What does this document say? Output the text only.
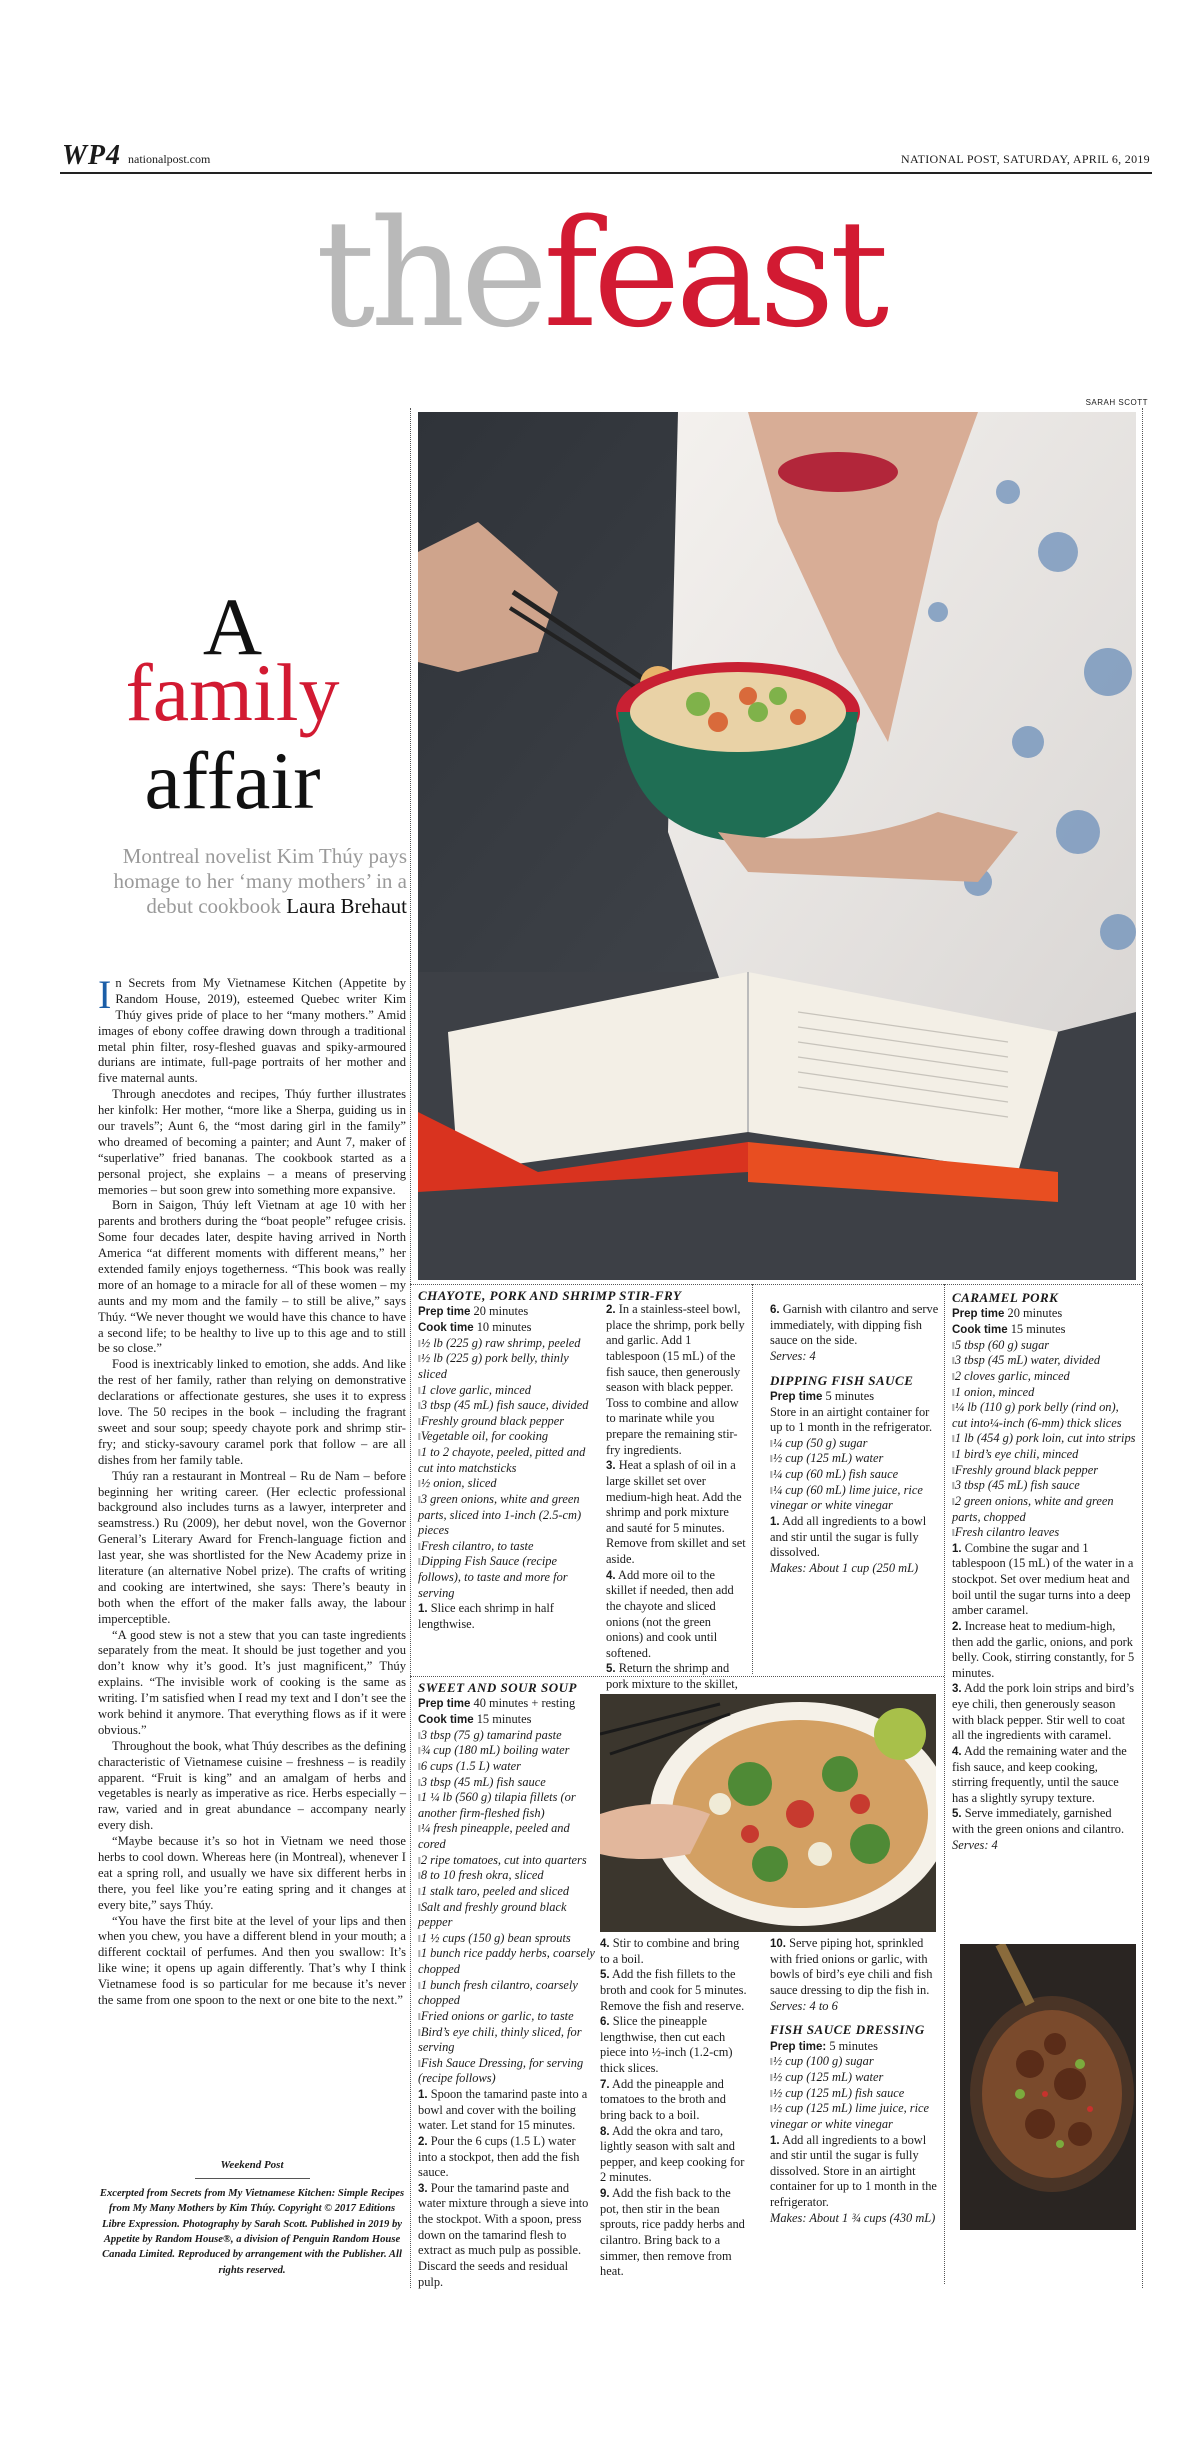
WP4 nationalpost.com	NATIONAL POST, SATURDAY, APRIL 6, 2019
thefeast
SARAH SCOTT
A
family
affair
Montreal novelist Kim Thúy pays homage to her ‘many mothers’ in a debut cookbook Laura Brehaut

In Secrets from My Vietnamese Kitchen (Appetite by Random House, 2019), esteemed Quebec writer Kim Thúy gives pride of place to her “many mothers.” Amid images of ebony coffee drawing down through a traditional metal phin filter, rosy-fleshed guavas and spiky-armoured durians are intimate, full-page portraits of her mother and five maternal aunts.

Through anecdotes and recipes, Thúy further illustrates her kinfolk: Her mother, “more like a Sherpa, guiding us in our travels”; Aunt 6, the “most daring girl in the family” who dreamed of becoming a painter; and Aunt 7, maker of “superlative” fried bananas. The cookbook started as a personal project, she explains – a means of preserving memories – but soon grew into something more expansive.

Born in Saigon, Thúy left Vietnam at age 10 with her parents and brothers during the “boat people” refugee crisis. Some four decades later, despite having arrived in North America “at different moments with different means,” her extended family enjoys togetherness. “This book was really more of an homage to a miracle for all of these women – my aunts and my mom and the family – to still be alive,” says Thúy. “We never thought we would have this chance to have a second life; to be healthy to live up to this age and to still be so close.”

Food is inextricably linked to emotion, she adds. And like the rest of her family, rather than relying on demonstrative declarations or affectionate gestures, she uses it to express love. The 50 recipes in the book – including the fragrant sweet and sour soup; speedy chayote pork and shrimp stir-fry; and sticky-savoury caramel pork that follow – are all dishes from her family table.

Thúy ran a restaurant in Montreal – Ru de Nam – before beginning her writing career. (Her eclectic professional background also includes turns as a lawyer, interpreter and seamstress.) Ru (2009), her debut novel, won the Governor General’s Literary Award for French-language fiction and last year, she was shortlisted for the New Academy prize in literature (an alternative Nobel prize). The crafts of writing and cooking are intertwined, she says: There’s beauty in both when the effort of the maker falls away, the labour imperceptible.

“A good stew is not a stew that you can taste ingredients separately from the meat. It should be just together and you don’t know why it’s good. It’s just magnificent,” Thúy explains. “The invisible work of cooking is the same as writing. I’m satisfied when I read my text and I don’t see the work behind it anymore. That everything flows as if it were obvious.”

Throughout the book, what Thúy describes as the defining characteristic of Vietnamese cuisine – freshness – is readily apparent. “Fruit is king” and an amalgam of herbs and vegetables is nearly as imperative as rice. Herbs especially – raw, varied and in great abundance – accompany nearly every dish.

“Maybe because it’s so hot in Vietnam we need those herbs to cool down. Whereas here (in Montreal), whenever I eat a spring roll, and usually we have six different herbs in there, you feel like you’re eating spring and it changes at every bite,” says Thúy.

“You have the first bite at the level of your lips and then when you chew, you have a different blend in your mouth; a different cocktail of perfumes. And then you swallow: It’s like wine; it opens up again differently. That’s why I think Vietnamese food is so particular for me because it’s never the same from one spoon to the next or one bite to the next.”

Weekend Post
Excerpted from Secrets from My Vietnamese Kitchen: Simple Recipes from My Many Mothers by Kim Thúy. Copyright © 2017 Editions Libre Expression. Photography by Sarah Scott. Published in 2019 by Appetite by Random House®, a division of Penguin Random House Canada Limited. Reproduced by arrangement with the Publisher. All rights reserved.
CHAYOTE, PORK AND SHRIMP STIR-FRY
Prep time 20 minutes
Cook time 10 minutes
‖ ½ lb (225 g) raw shrimp, peeled
‖ ½ lb (225 g) pork belly, thinly sliced
‖ 1 clove garlic, minced
‖ 3 tbsp (45 mL) fish sauce, divided
‖ Freshly ground black pepper
‖ Vegetable oil, for cooking
‖ 1 to 2 chayote, peeled, pitted and cut into matchsticks
‖ ½ onion, sliced
‖ 3 green onions, white and green parts, sliced into 1-inch (2.5-cm) pieces
‖ Fresh cilantro, to taste
‖ Dipping Fish Sauce (recipe follows), to taste and more for serving
1. Slice each shrimp in half lengthwise.
2. In a stainless-steel bowl, place the shrimp, pork belly and garlic. Add 1 tablespoon (15 mL) of the fish sauce, then generously season with black pepper. Toss to combine and allow to marinate while you prepare the remaining stir-fry ingredients.
3. Heat a splash of oil in a large skillet set over medium-high heat. Add the shrimp and pork mixture and sauté for 5 minutes. Remove from skillet and set aside.
4. Add more oil to the skillet if needed, then add the chayote and sliced onions (not the green onions) and cook until softened.
5. Return the shrimp and pork mixture to the skillet,
6. Garnish with cilantro and serve immediately, with dipping fish sauce on the side.
Serves: 4
DIPPING FISH SAUCE
Prep time 5 minutes
Store in an airtight container for up to 1 month in the refrigerator.
‖ ¼ cup (50 g) sugar
‖ ½ cup (125 mL) water
‖ ¼ cup (60 mL) fish sauce
‖ ¼ cup (60 mL) lime juice, rice vinegar or white vinegar
1. Add all ingredients to a bowl and stir until the sugar is fully dissolved.
Makes: About 1 cup (250 mL)
CARAMEL PORK
Prep time 20 minutes
Cook time 15 minutes
‖ 5 tbsp (60 g) sugar
‖ 3 tbsp (45 mL) water, divided
‖ 2 cloves garlic, minced
‖ 1 onion, minced
‖ ¼ lb (110 g) pork belly (rind on), cut into¼-inch (6-mm) thick slices
‖ 1 lb (454 g) pork loin, cut into strips
‖ 1 bird’s eye chili, minced
‖ Freshly ground black pepper
‖ 3 tbsp (45 mL) fish sauce
‖ 2 green onions, white and green parts, chopped
‖ Fresh cilantro leaves
1. Combine the sugar and 1 tablespoon (15 mL) of the water in a stockpot. Set over medium heat and boil until the sugar turns into a deep amber caramel.
2. Increase heat to medium-high, then add the garlic, onions, and pork belly. Cook, stirring constantly, for 5 minutes.
3. Add the pork loin strips and bird’s eye chili, then generously season with black pepper. Stir well to coat all the ingredients with caramel.
4. Add the remaining water and the fish sauce, and keep cooking, stirring frequently, until the sauce has a slightly syrupy texture.
5. Serve immediately, garnished with the green onions and cilantro.
Serves: 4
SWEET AND SOUR SOUP
Prep time 40 minutes + resting
Cook time 15 minutes
‖ 3 tbsp (75 g) tamarind paste
‖ ¾ cup (180 mL) boiling water
‖ 6 cups (1.5 L) water
‖ 3 tbsp (45 mL) fish sauce
‖ 1 ¼ lb (560 g) tilapia fillets (or another firm-fleshed fish)
‖ ¼ fresh pineapple, peeled and cored
‖ 2 ripe tomatoes, cut into quarters
‖ 8 to 10 fresh okra, sliced
‖ 1 stalk taro, peeled and sliced
‖ Salt and freshly ground black pepper
‖ 1 ½ cups (150 g) bean sprouts
‖ 1 bunch rice paddy herbs, coarsely chopped
‖ 1 bunch fresh cilantro, coarsely chopped
‖ Fried onions or garlic, to taste
‖ Bird’s eye chili, thinly sliced, for serving
‖ Fish Sauce Dressing, for serving (recipe follows)
1. Spoon the tamarind paste into a bowl and cover with the boiling water. Let stand for 15 minutes.
2. Pour the 6 cups (1.5 L) water into a stockpot, then add the fish sauce.
3. Pour the tamarind paste and water mixture through a sieve into the stockpot. With a spoon, press down on the tamarind flesh to extract as much pulp as possible. Discard the seeds and residual pulp.
4. Stir to combine and bring to a boil.
5. Add the fish fillets to the broth and cook for 5 minutes. Remove the fish and reserve.
6. Slice the pineapple lengthwise, then cut each piece into ½-inch (1.2-cm) thick slices.
7. Add the pineapple and tomatoes to the broth and bring back to a boil.
8. Add the okra and taro, lightly season with salt and pepper, and keep cooking for 2 minutes.
9. Add the fish back to the pot, then stir in the bean sprouts, rice paddy herbs and cilantro. Bring back to a simmer, then remove from heat.
10. Serve piping hot, sprinkled with fried onions or garlic, with bowls of bird’s eye chili and fish sauce dressing to dip the fish in.
Serves: 4 to 6
FISH SAUCE DRESSING Prep time: 5 minutes
‖ ½ cup (100 g) sugar
‖ ½ cup (125 mL) water
‖ ½ cup (125 mL) fish sauce
‖ ½ cup (125 mL) lime juice, rice vinegar or white vinegar
1. Add all ingredients to a bowl and stir until the sugar is fully dissolved. Store in an airtight container for up to 1 month in the refrigerator.
Makes: About 1 ¾ cups (430 mL)
